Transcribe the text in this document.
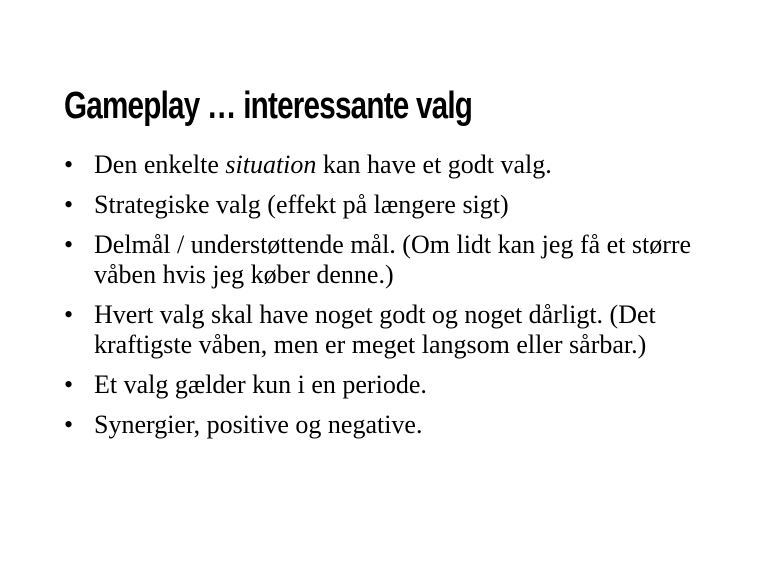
Gameplay … interessante valg
• Den enkelte situation kan have et godt valg.
• Strategiske valg (effekt på længere sigt)
• Delmål / understøttende mål. (Om lidt kan jeg få et større våben hvis jeg køber denne.)
• Hvert valg skal have noget godt og noget dårligt. (Det kraftigste våben, men er meget langsom eller sårbar.)
• Et valg gælder kun i en periode.
• Synergier, positive og negative.
